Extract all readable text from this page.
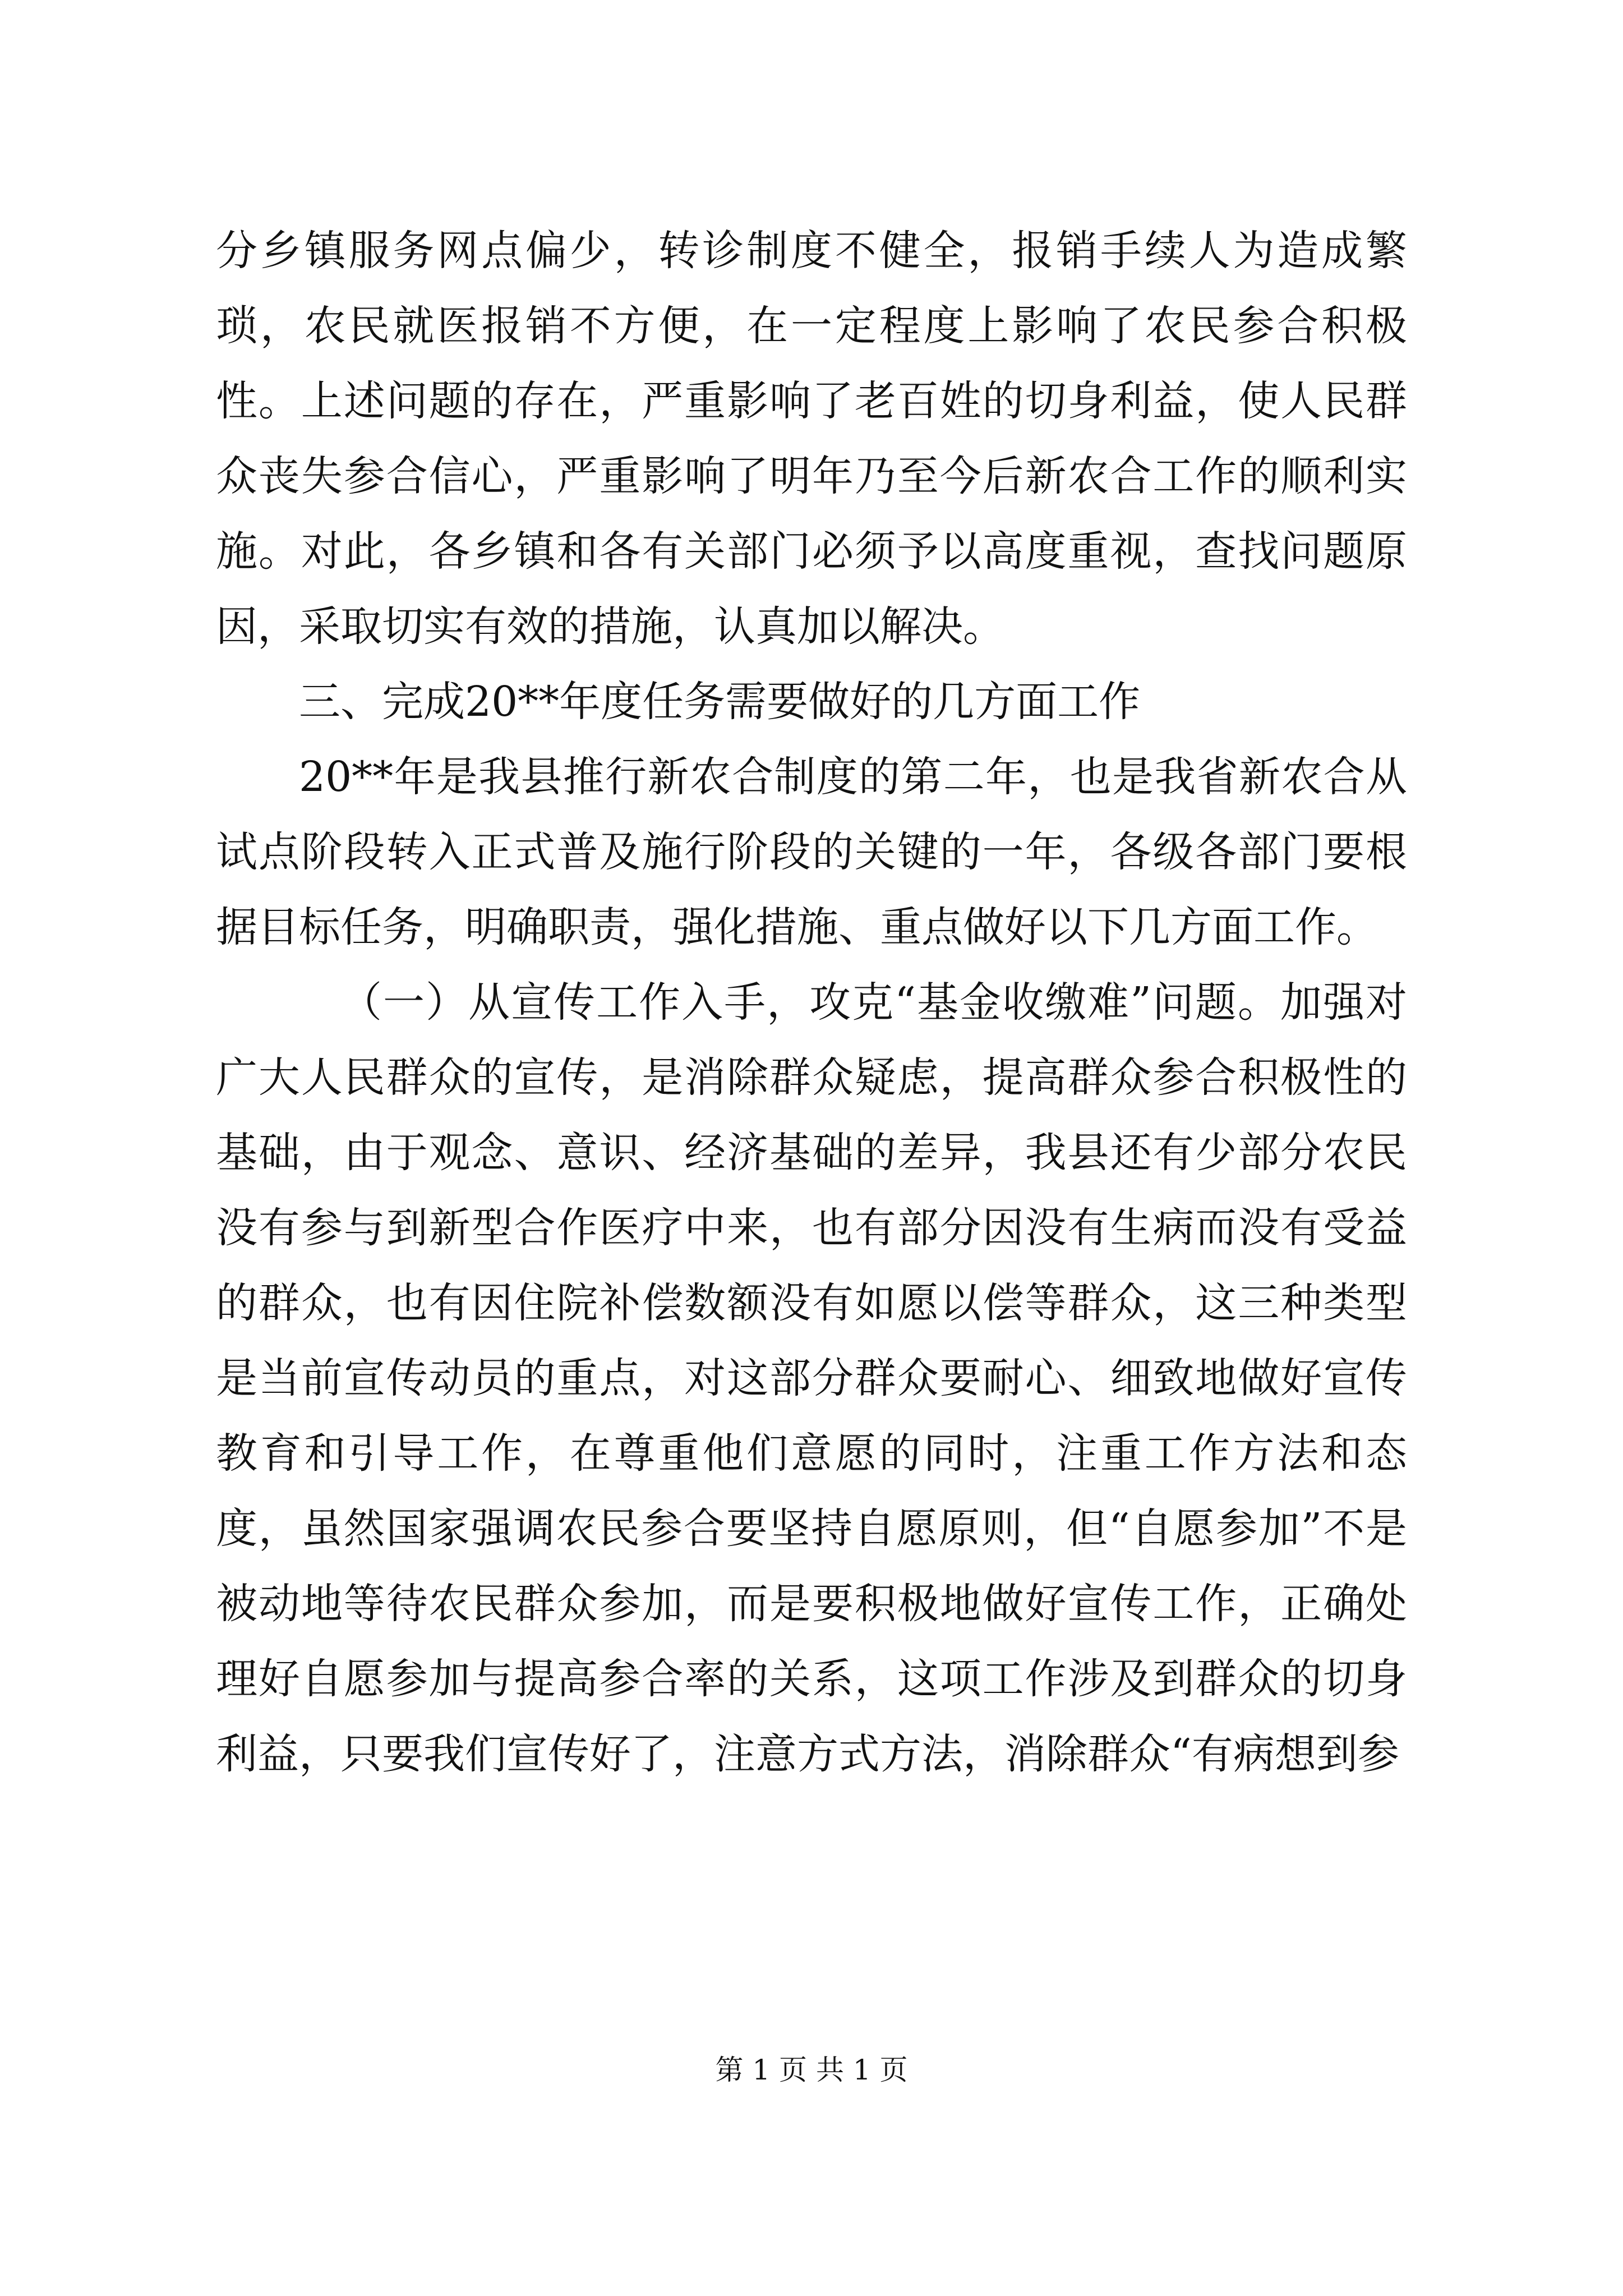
分乡镇服务网点偏少，转诊制度不健全，报销手续人为造成繁琐，农民就医报销不方便，在一定程度上影响了农民参合积极性。上述问题的存在，严重影响了老百姓的切身利益，使人民群众丧失参合信心，严重影响了明年乃至今后新农合工作的顺利实施。对此，各乡镇和各有关部门必须予以高度重视，查找问题原因，采取切实有效的措施，认真加以解决。

三、完成20**年度任务需要做好的几方面工作

20**年是我县推行新农合制度的第二年，也是我省新农合从试点阶段转入正式普及施行阶段的关键的一年，各级各部门要根据目标任务，明确职责，强化措施、重点做好以下几方面工作。

（一）从宣传工作入手，攻克“基金收缴难”问题。加强对广大人民群众的宣传，是消除群众疑虑，提高群众参合积极性的基础，由于观念、意识、经济基础的差异，我县还有少部分农民没有参与到新型合作医疗中来，也有部分因没有生病而没有受益的群众，也有因住院补偿数额没有如愿以偿等群众，这三种类型是当前宣传动员的重点，对这部分群众要耐心、细致地做好宣传教育和引导工作，在尊重他们意愿的同时，注重工作方法和态度，虽然国家强调农民参合要坚持自愿原则，但“自愿参加”不是被动地等待农民群众参加，而是要积极地做好宣传工作，正确处理好自愿参加与提高参合率的关系，这项工作涉及到群众的切身利益，只要我们宣传好了，注意方式方法，消除群众“有病想到参

第 1 页 共 1 页
